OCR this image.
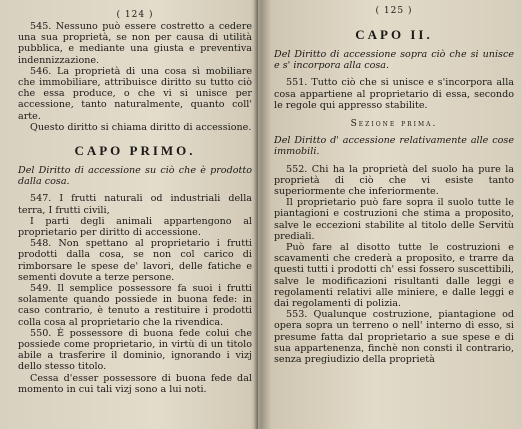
( 124 )

545. Nessuno può essere costretto a cedere una sua proprietà, se non per causa di utilità pubblica, e mediante una giusta e preventiva indennizzazione.

546. La proprietà di una cosa sì mobiliare che immobiliare, attribuisce diritto su tutto ciò che essa produce, o che vi si unisce per accessione, tanto naturalmente, quanto coll' arte.

Questo diritto si chiama diritto di accessione.

CAPO PRIMO.

Del Diritto di accessione su ciò che è prodotto dalla cosa.

547. I frutti naturali od industriali della terra, I frutti civili,

I parti degli animali appartengono al proprietario per diritto di accessione.

548. Non spettano al proprietario i frutti prodotti dalla cosa, se non col carico di rimborsare le spese de' lavori, delle fatiche e sementi dovute a terze persone.

549. Il semplice possessore fa suoi i frutti solamente quando possiede in buona fede: in caso contrario, è tenuto a restituire i prodotti colla cosa al proprietario che la rivendica.

550. È possessore di buona fede colui che possiede come proprietario, in virtù di un titolo abile a trasferire il dominio, ignorando i vizj dello stesso titolo.

Cessa d'esser possessore di buona fede dal momento in cui tali vizj sono a lui noti.

( 125 )

CAPO II.

Del Diritto di accessione sopra ciò che si unisce e s' incorpora alla cosa.

551. Tutto ciò che si unisce e s'incorpora alla cosa appartiene al proprietario di essa, secondo le regole qui appresso stabilite.

Sezione prima.

Del Diritto d' accessione relativamente alle cose immobili.

552. Chi ha la proprietà del suolo ha pure la proprietà di ciò che vi esiste tanto superiormente che inferiormente.

Il proprietario può fare sopra il suolo tutte le piantagioni e costruzioni che stima a proposito, salve le eccezioni stabilite al titolo delle Servitù prediali.

Può fare al disotto tutte le costruzioni e scavamenti che crederà a proposito, e trarre da questi tutti i prodotti ch' essi fossero suscettibili, salve le modificazioni risultanti dalle leggi e regolamenti relativi alle miniere, e dalle leggi e dai regolamenti di polizia.

553. Qualunque costruzione, piantagione od opera sopra un terreno o nell' interno di esso, si presume fatta dal proprietario a sue spese e di sua appartenenza, finchè non consti il contrario, senza pregiudizio della proprietà
